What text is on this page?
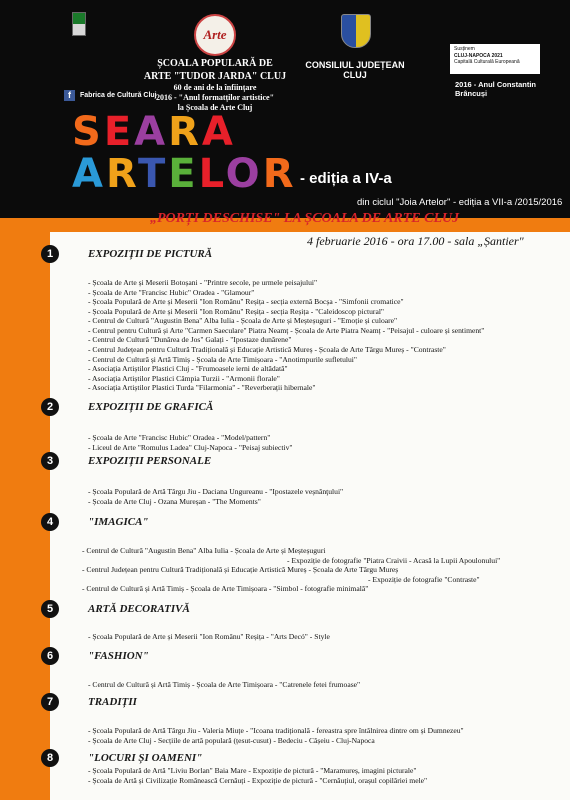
Arte
ȘCOALA POPULARĂ DE
ARTE "TUDOR JARDA" CLUJ
60 de ani de la înființare
2016 - "Anul formatților artistice"
la Școala de Arte Cluj
CONSILIUL JUDEȚEAN CLUJ
Susținem
CLUJ-NAPOCA 2021
Capitală Culturală Europeană
2016 - Anul Constantin Brâncuși
f	Fabrica de Cultură Cluj
SEARA
ARTELOR - ediția a IV-a
din ciclul "Joia Artelor" - ediția a VII-a /2015/2016
„PORȚI DESCHISE" LA ȘCOALA DE ARTE CLUJ
4 februarie 2016 - ora 17.00 - sala „Șantier"
1	EXPOZIȚII DE PICTURĂ
- Școala de Arte și Meserii Botoșani - "Printre secole, pe urmele peisajului"
- Școala de Arte "Francisc Hubic" Oradea - "Glamour"
- Școala Populară de Arte și Meserii "Ion Românu" Reșița - secția externă Bocșa - "Simfonii cromatice"
- Școala Populară de Arte și Meserii "Ion Românu" Reșița - secția Reșița - "Caleidoscop pictural"
- Centrul de Cultură "Augustin Bena" Alba Iulia - Școala de Arte și Meșteșuguri - "Emoție și culoare"
- Centrul pentru Cultură și Arte "Carmen Saeculare" Piatra Neamț - Școala de Arte Piatra Neamț - "Peisajul - culoare și sentiment"
- Centrul de Cultură "Dunărea de Jos" Galați - "Ipostaze dunărene"
- Centrul Județean pentru Cultură Tradițională și Educație Artistică Mureș - Școala de Arte Târgu Mureș - "Contraste"
- Centrul de Cultură și Artă Timiș - Școala de Arte Timișoara - "Anotimpurile sufletului"
- Asociația Artiștilor Plastici Cluj - "Frumoasele ierni de altădată"
- Asociația Artiștilor Plastici Câmpia Turzii - "Armonii florale"
- Asociația Artiștilor Plastici Turda "Filarmonia" - "Reverberații hibernale"
2	EXPOZIȚII DE GRAFICĂ
- Școala de Arte "Francisc Hubic" Oradea - "Model/pattern"
- Liceul de Arte "Romulus Ladea" Cluj-Napoca - "Peisaj subiectiv"
3	EXPOZIȚII PERSONALE
- Școala Populară de Artă Târgu Jiu - Daciana Ungureanu - "Ipostazele veșnănţului"
- Școala de Arte Cluj - Ozana Mureșan - "The Moments"
4	"IMAGICA"
- Centrul de Cultură "Augustin Bena" Alba Iulia - Școala de Arte și Meșteșuguri
- Expoziție de fotografie "Piatra Craivii - Acasă la Lupii Apoulonului"
- Centrul Județean pentru Cultură Tradițională și Educație Artistică Mureș - Școala de Arte Târgu Mureș
- Expoziție de fotografie "Contraste"
- Centrul de Cultură și Artă Timiș - Școala de Arte Timișoara - "Simbol - fotografie minimală"
5	ARTĂ DECORATIVĂ
- Școala Populară de Arte și Meserii "Ion Românu" Reșița - "Arts Decó" - Style
6	"FASHION"
- Centrul de Cultură și Artă Timiș - Școala de Arte Timișoara - "Catrenele fetei frumoase"
7	TRADIȚII
- Școala Populară de Artă Târgu Jiu - Valeria Miuțe - "Icoana tradițională - fereastra spre întâlnirea dintre om și Dumnezeu"
- Școala de Arte Cluj - Secțiile de artă populară (țesut-cusut) - Bedeciu - Cășeiu - Cluj-Napoca
8	"LOCURI ȘI OAMENI"
- Școala Populară de Artă "Liviu Borlan" Baia Mare - Expoziție de pictură - "Maramureș, imagini picturale"
- Școala de Artă și Civilizație Românească Cernăuți - Expoziție de pictură - "Cernăuțiul, orașul copilăriei mele"
